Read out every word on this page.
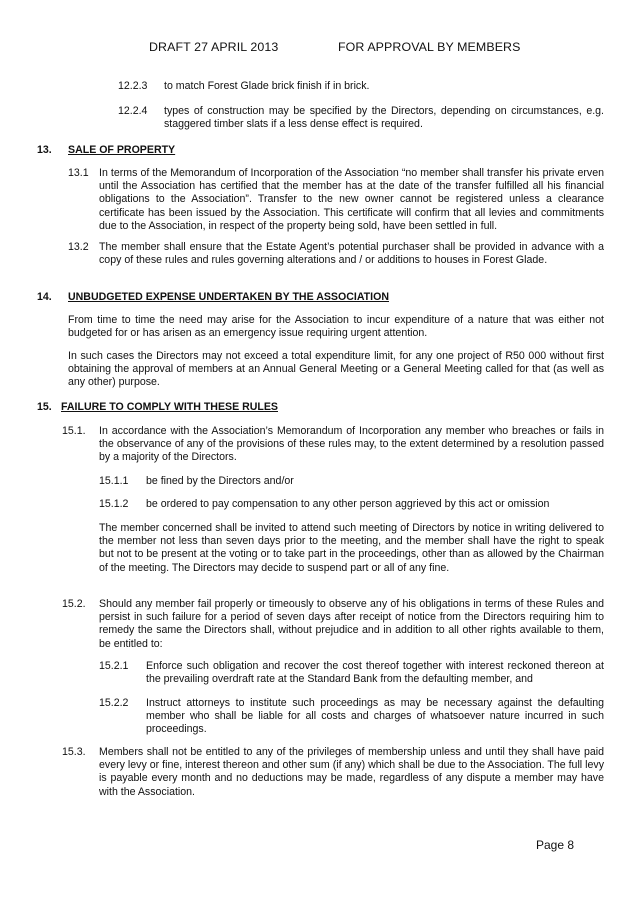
DRAFT 27 APRIL 2013	FOR APPROVAL BY MEMBERS
12.2.3 to match Forest Glade brick finish if in brick.
12.2.4 types of construction may be specified by the Directors, depending on circumstances, e.g. staggered timber slats if a less dense effect is required.
13. SALE OF PROPERTY
13.1 In terms of the Memorandum of Incorporation of the Association “no member shall transfer his private erven until the Association has certified that the member has at the date of the transfer fulfilled all his financial obligations to the Association”. Transfer to the new owner cannot be registered unless a clearance certificate has been issued by the Association. This certificate will confirm that all levies and commitments due to the Association, in respect of the property being sold, have been settled in full.
13.2 The member shall ensure that the Estate Agent’s potential purchaser shall be provided in advance with a copy of these rules and rules governing alterations and / or additions to houses in Forest Glade.
14. UNBUDGETED EXPENSE UNDERTAKEN BY THE ASSOCIATION
From time to time the need may arise for the Association to incur expenditure of a nature that was either not budgeted for or has arisen as an emergency issue requiring urgent attention.
In such cases the Directors may not exceed a total expenditure limit, for any one project of R50 000 without first obtaining the approval of members at an Annual General Meeting or a General Meeting called for that (as well as any other) purpose.
15. FAILURE TO COMPLY WITH THESE RULES
15.1. In accordance with the Association’s Memorandum of Incorporation any member who breaches or fails in the observance of any of the provisions of these rules may, to the extent determined by a resolution passed by a majority of the Directors.
15.1.1 be fined by the Directors and/or
15.1.2 be ordered to pay compensation to any other person aggrieved by this act or omission
The member concerned shall be invited to attend such meeting of Directors by notice in writing delivered to the member not less than seven days prior to the meeting, and the member shall have the right to speak but not to be present at the voting or to take part in the proceedings, other than as allowed by the Chairman of the meeting. The Directors may decide to suspend part or all of any fine.
15.2. Should any member fail properly or timeously to observe any of his obligations in terms of these Rules and persist in such failure for a period of seven days after receipt of notice from the Directors requiring him to remedy the same the Directors shall, without prejudice and in addition to all other rights available to them, be entitled to:
15.2.1 Enforce such obligation and recover the cost thereof together with interest reckoned thereon at the prevailing overdraft rate at the Standard Bank from the defaulting member, and
15.2.2 Instruct attorneys to institute such proceedings as may be necessary against the defaulting member who shall be liable for all costs and charges of whatsoever nature incurred in such proceedings.
15.3. Members shall not be entitled to any of the privileges of membership unless and until they shall have paid every levy or fine, interest thereon and other sum (if any) which shall be due to the Association. The full levy is payable every month and no deductions may be made, regardless of any dispute a member may have with the Association.
Page 8
